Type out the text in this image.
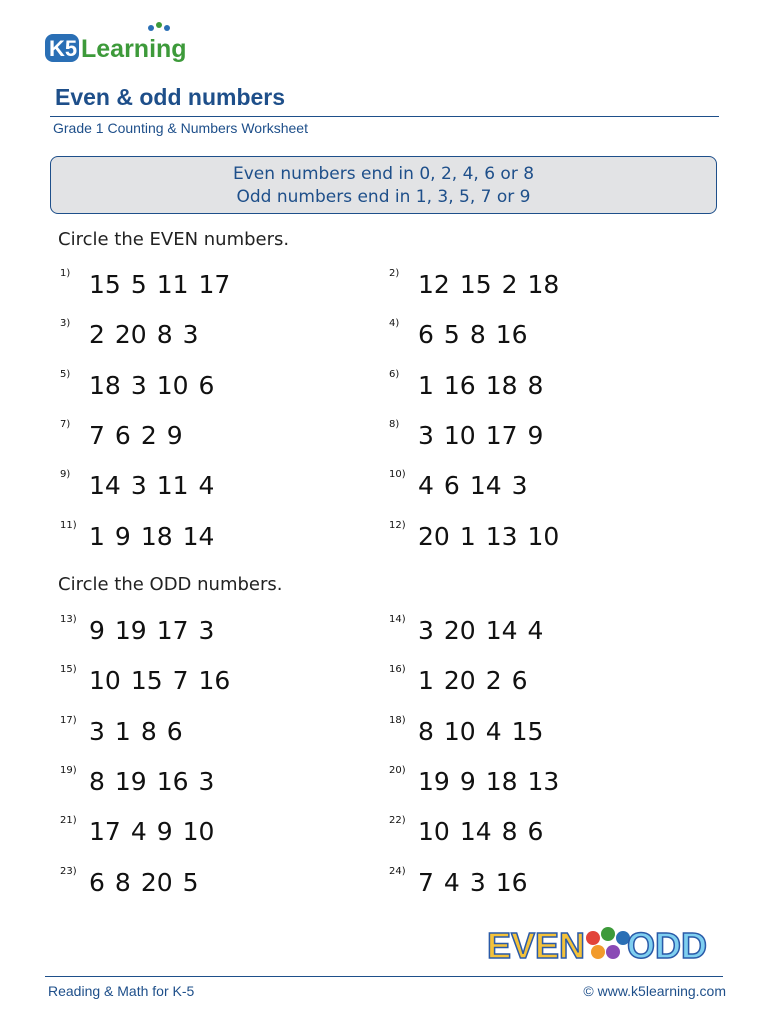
K5 Learning
Even & odd numbers
Grade 1 Counting & Numbers Worksheet
Even numbers end in 0, 2, 4, 6 or 8
Odd numbers end in 1, 3, 5, 7 or 9
Circle the EVEN numbers.
Circle the ODD numbers.
1) 15 5 11 17	2) 12 15 2 18
3) 2 20 8 3	4) 6 5 8 16
5) 18 3 10 6	6) 1 16 18 8
7) 7 6 2 9	8) 3 10 17 9
9) 14 3 11 4	10) 4 6 14 3
11) 1 9 18 14	12) 20 1 13 10
13) 9 19 17 3	14) 3 20 14 4
15) 10 15 7 16	16) 1 20 2 6
17) 3 1 8 6	18) 8 10 4 15
19) 8 19 16 3	20) 19 9 18 13
21) 17 4 9 10	22) 10 14 8 6
23) 6 8 20 5	24) 7 4 3 16
EVEN	24156 3 ODD
Reading & Math for K-5	© www.k5learning.com
